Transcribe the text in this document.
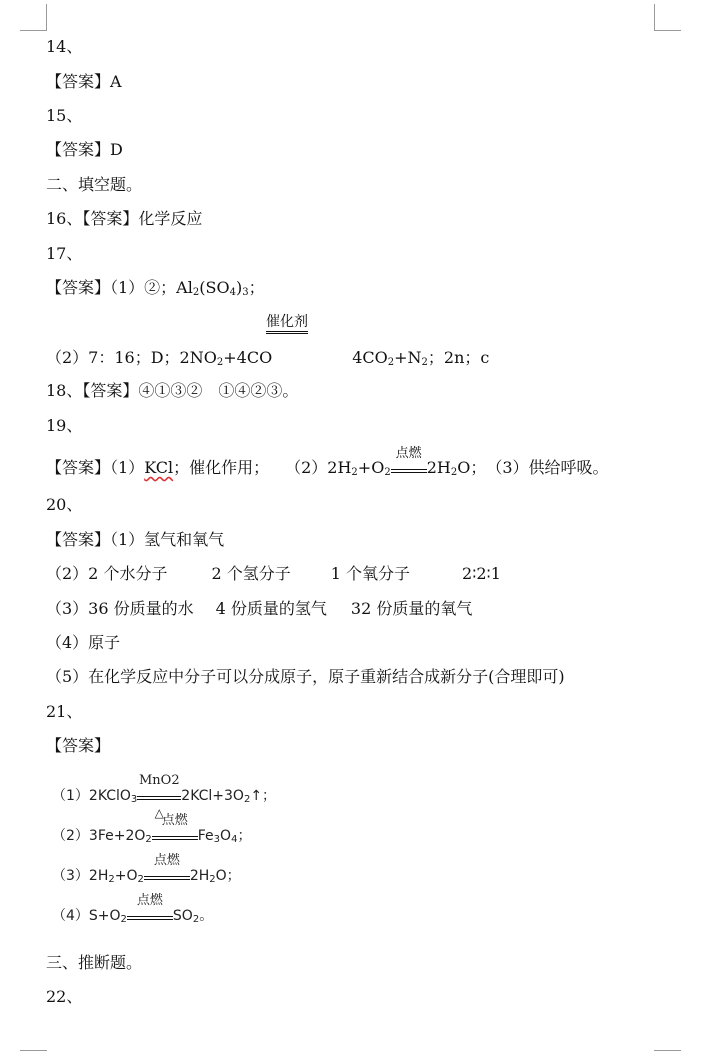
14、
【答案】A
15、
【答案】D
二、填空题。
16、【答案】化学反应
17、
【答案】（1）②；$Al_2(SO_4)_3$；
催化剂
（2）7：16；D；$2NO_2+4CO$	$4CO_2+N_2$；2n；c
18、【答案】④①③②　①④②③。
19、
【答案】（1）KCl；催化作用；　　$(2)2H_2+O_2$
点燃
$2H_2O$；　（3）供给呼吸。
20、
【答案】（1）氢气和氧气
（2）2 个水分子	2 个氢分子	1 个氧分子	2∶2∶1
（3）36 份质量的水 4 份质量的氢气 32 份质量的氧气
（4）原子
（5）在化学反应中分子可以分成原子，原子重新结合成新分子(合理即可)
21、
【答案】
（1）2KClO$_3$
MnO2
△
$2KCl+3O_2↑$；
$(2)3Fe+2O_2$
点燃
$Fe_3O_4$；
$(3)2H_2+O_2$
点燃
$2H_2O$；
$(4)S+O_2$
点燃
$SO_2$。
三、推断题。
22、
